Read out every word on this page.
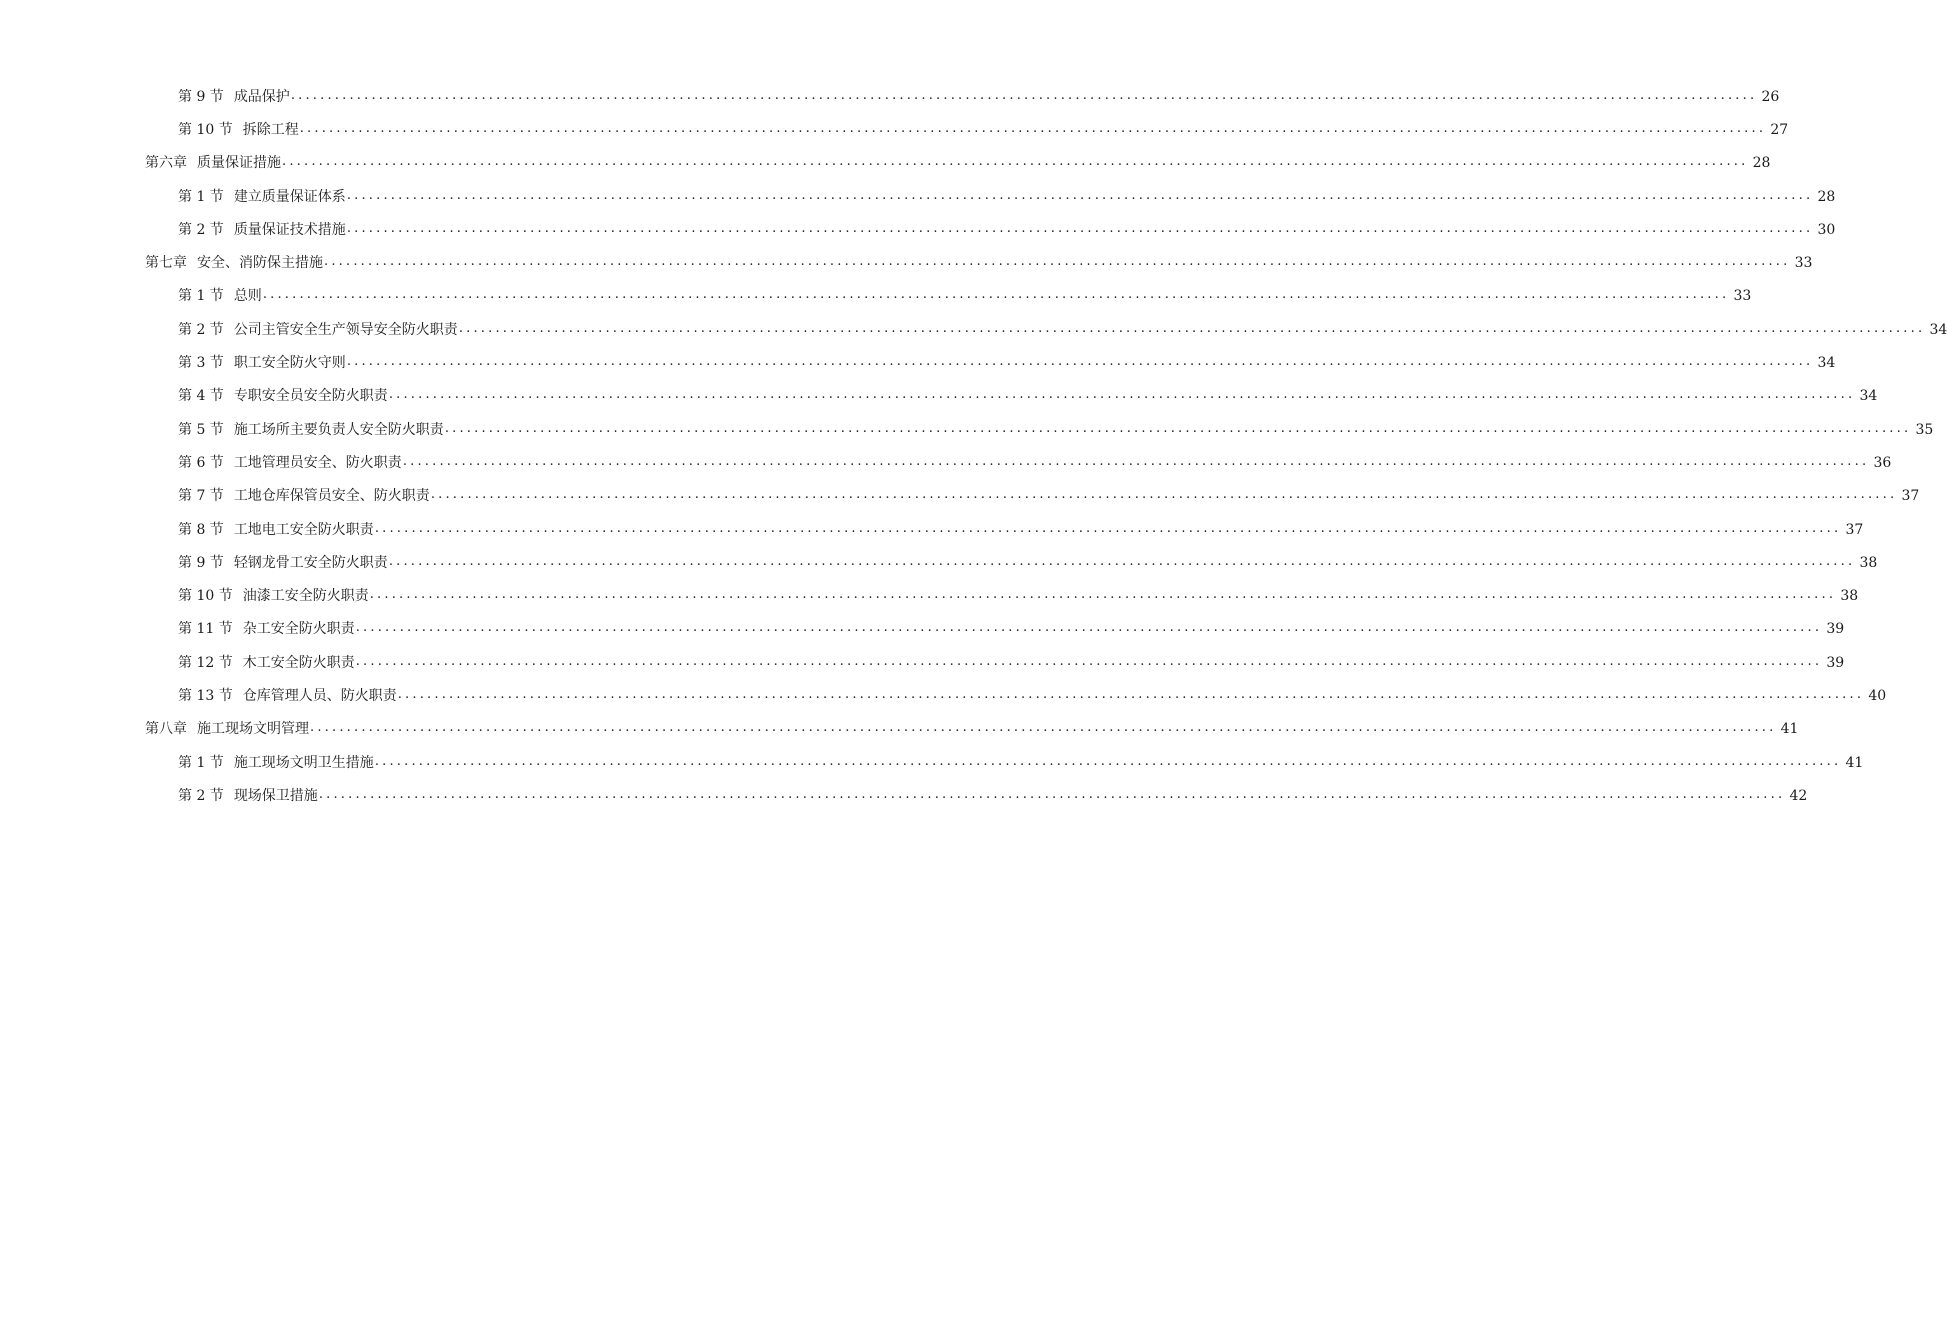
第 9 节 成品保护 ........................................................................................................................................................................................................ 26
第 10 节 拆除工程 ........................................................................................................................................................................................................ 27
第六章 质量保证措施 ........................................................................................................................................................................................................ 28
第 1 节 建立质量保证体系 ........................................................................................................................................................................................................ 28
第 2 节 质量保证技术措施 ........................................................................................................................................................................................................ 30
第七章 安全、消防保主措施 ........................................................................................................................................................................................................ 33
第 1 节 总则 ........................................................................................................................................................................................................ 33
第 2 节 公司主管安全生产领导安全防火职责 ........................................................................................................................................................................................................ 34
第 3 节 职工安全防火守则 ........................................................................................................................................................................................................ 34
第 4 节 专职安全员安全防火职责 ........................................................................................................................................................................................................ 34
第 5 节 施工场所主要负责人安全防火职责 ........................................................................................................................................................................................................ 35
第 6 节 工地管理员安全、防火职责 ........................................................................................................................................................................................................ 36
第 7 节 工地仓库保管员安全、防火职责 ........................................................................................................................................................................................................ 37
第 8 节 工地电工安全防火职责 ........................................................................................................................................................................................................ 37
第 9 节 轻钢龙骨工安全防火职责 ........................................................................................................................................................................................................ 38
第 10 节 油漆工安全防火职责 ........................................................................................................................................................................................................ 38
第 11 节 杂工安全防火职责 ........................................................................................................................................................................................................ 39
第 12 节 木工安全防火职责 ........................................................................................................................................................................................................ 39
第 13 节 仓库管理人员、防火职责 ........................................................................................................................................................................................................ 40
第八章 施工现场文明管理 ........................................................................................................................................................................................................ 41
第 1 节 施工现场文明卫生措施 ........................................................................................................................................................................................................ 41
第 2 节 现场保卫措施 ........................................................................................................................................................................................................ 42
